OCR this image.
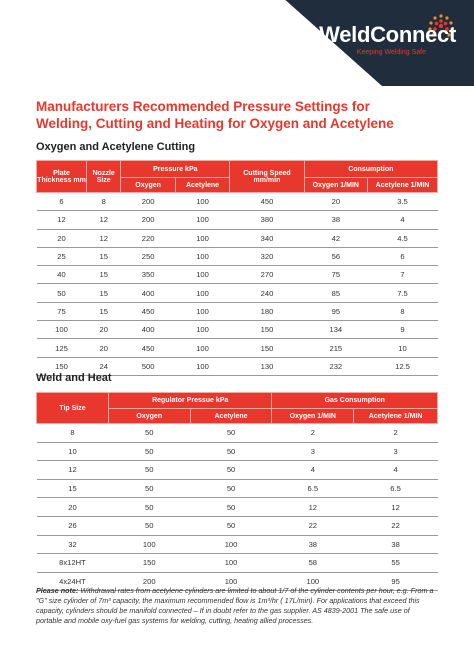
WeldConnect
Keeping Welding Safe
Manufacturers Recommended Pressure Settings for Welding, Cutting and Heating for Oxygen and Acetylene
Oxygen and Acetylene Cutting
Plate Thickness mm	Nozzle Size	Pressure kPa		Cutting Speed mm/min	Consumption	
		Oxygen	Acetylene		Oxygen 1/MIN	Acetylene 1/MIN
6	8	200	100	450	20	3.5
12	12	200	100	380	38	4
20	12	220	100	340	42	4.5
25	15	250	100	320	56	6
40	15	350	100	270	75	7
50	15	400	100	240	85	7.5
75	15	450	100	180	95	8
100	20	400	100	150	134	9
125	20	450	100	150	215	10
150	24	500	100	130	232	12.5
Weld and Heat
Tip Size	Regulator Pressue kPa		Gas Consumption	
	Oxygen	Acetylene	Oxygen 1/MIN	Acetylene 1/MIN
8	50	50	2	2
10	50	50	3	3
12	50	50	4	4
15	50	50	6.5	6.5
20	50	50	12	12
26	50	50	22	22
32	100	100	38	38
8x12HT	150	100	58	55
4x24HT	200	100	100	95

Please note: Withdrawal rates from acetylene cylinders are limited to about 1/7 of the cylinder contents per hour, e.g. From a "G" size cylinder of 7m³ capacity, the maximum recommended flow is 1m³/hr ( 17L/min). For applications that exceed this capacity, cylinders should be manifold connected – If in doubt refer to the gas supplier. AS 4839-2001 The safe use of portable and mobile oxy-fuel gas systems for welding, cutting, heating allied processes.
